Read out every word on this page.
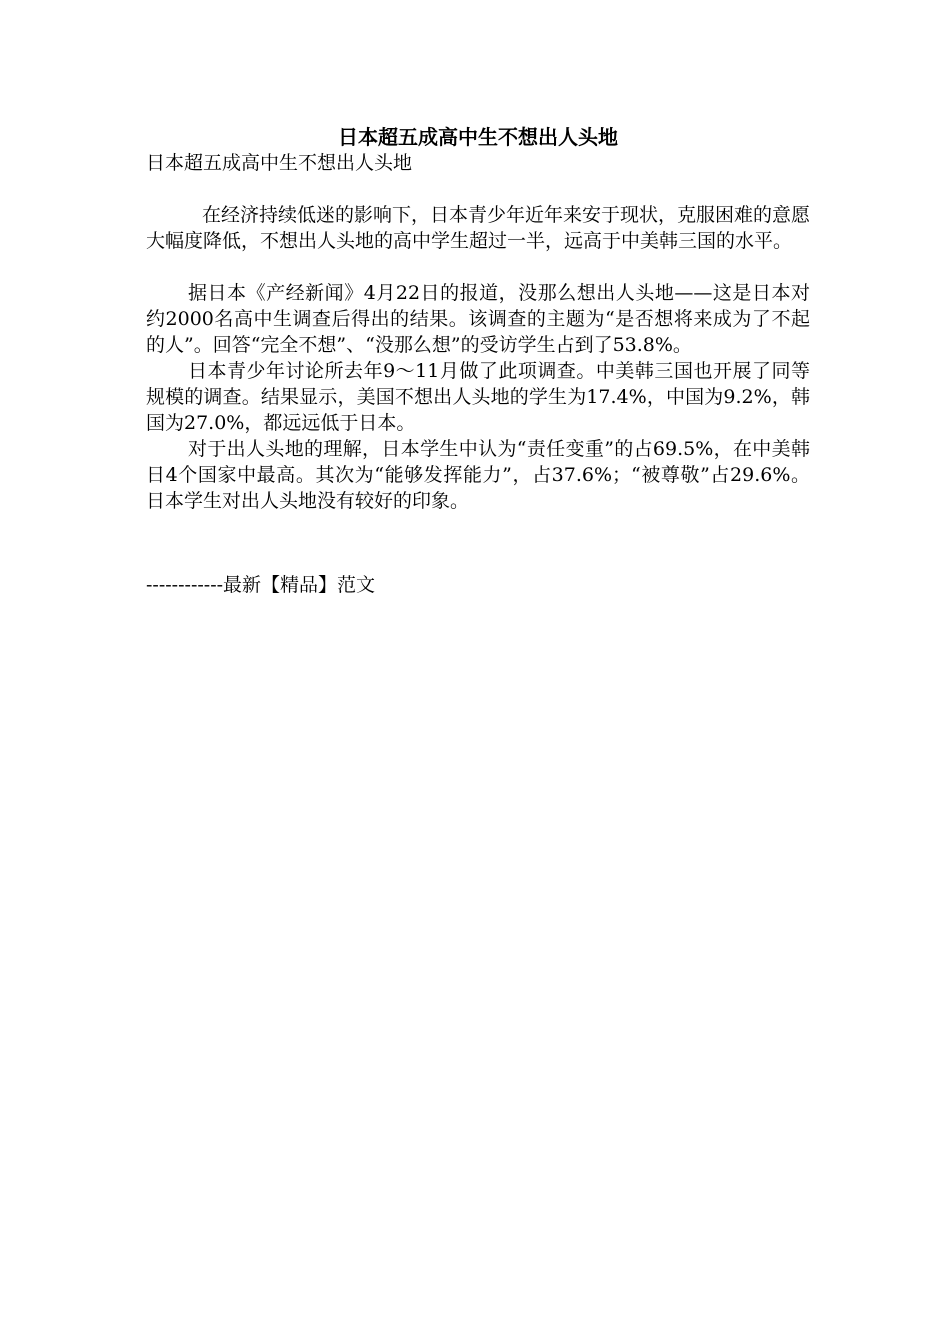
日本超五成高中生不想出人头地

日本超五成高中生不想出人头地

在经济持续低迷的影响下，日本青少年近年来安于现状，克服困难的意愿大幅度降低，不想出人头地的高中学生超过一半，远高于中美韩三国的水平。

据日本《产经新闻》4月22日的报道，没那么想出人头地——这是日本对约2000名高中生调查后得出的结果。该调查的主题为“是否想将来成为了不起的人”。回答“完全不想”、“没那么想”的受访学生占到了53.8%。

日本青少年讨论所去年9～11月做了此项调查。中美韩三国也开展了同等规模的调查。结果显示，美国不想出人头地的学生为17.4%，中国为9.2%，韩国为27.0%，都远远低于日本。

对于出人头地的理解，日本学生中认为“责任变重”的占69.5%，在中美韩日4个国家中最高。其次为“能够发挥能力”，占37.6%；“被尊敬”占29.6%。日本学生对出人头地没有较好的印象。

------------最新【精品】范文
